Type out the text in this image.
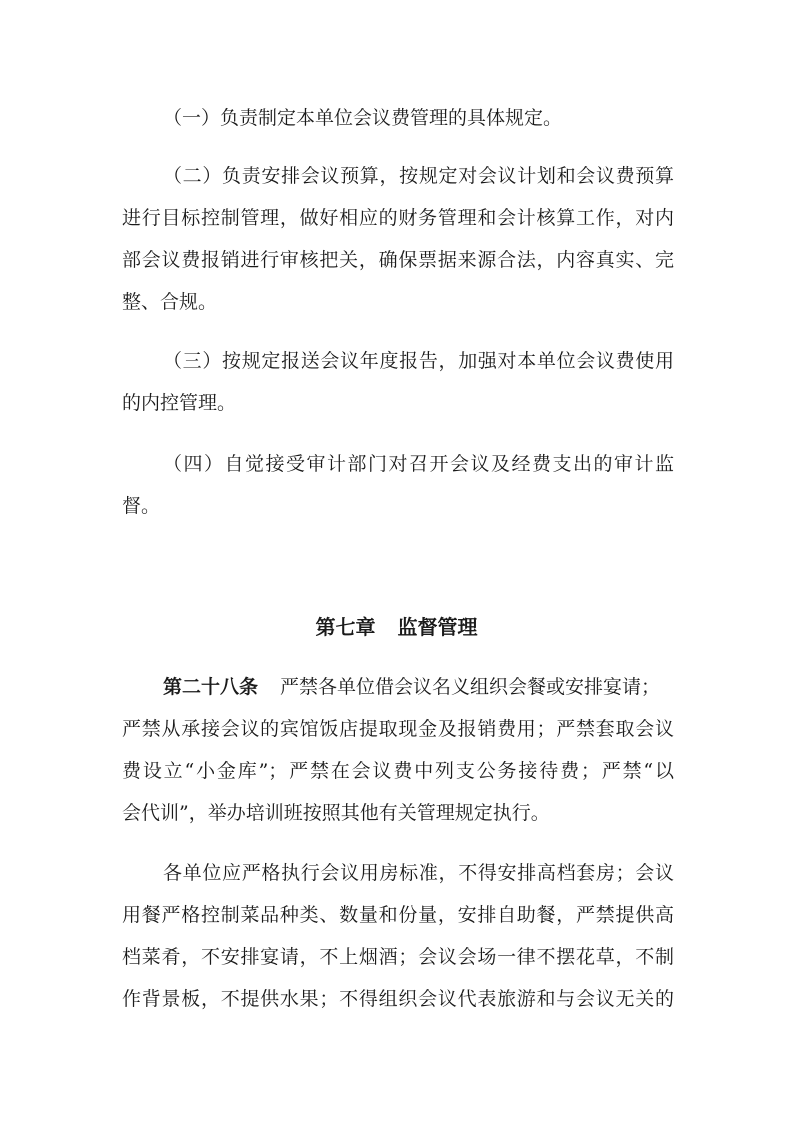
（一）负责制定本单位会议费管理的具体规定。
（二）负责安排会议预算，按规定对会议计划和会议费预算
进行目标控制管理，做好相应的财务管理和会计核算工作，对内
部会议费报销进行审核把关，确保票据来源合法，内容真实、完
整、合规。
（三）按规定报送会议年度报告，加强对本单位会议费使用
的内控管理。
（四）自觉接受审计部门对召开会议及经费支出的审计监
督。
第七章 监督管理
第二十八条 严禁各单位借会议名义组织会餐或安排宴请；
严禁从承接会议的宾馆饭店提取现金及报销费用；严禁套取会议
费设立“小金库”；严禁在会议费中列支公务接待费；严禁“以
会代训”，举办培训班按照其他有关管理规定执行。
各单位应严格执行会议用房标准，不得安排高档套房；会议
用餐严格控制菜品种类、数量和份量，安排自助餐，严禁提供高
档菜肴，不安排宴请，不上烟酒；会议会场一律不摆花草，不制
作背景板，不提供水果；不得组织会议代表旅游和与会议无关的
